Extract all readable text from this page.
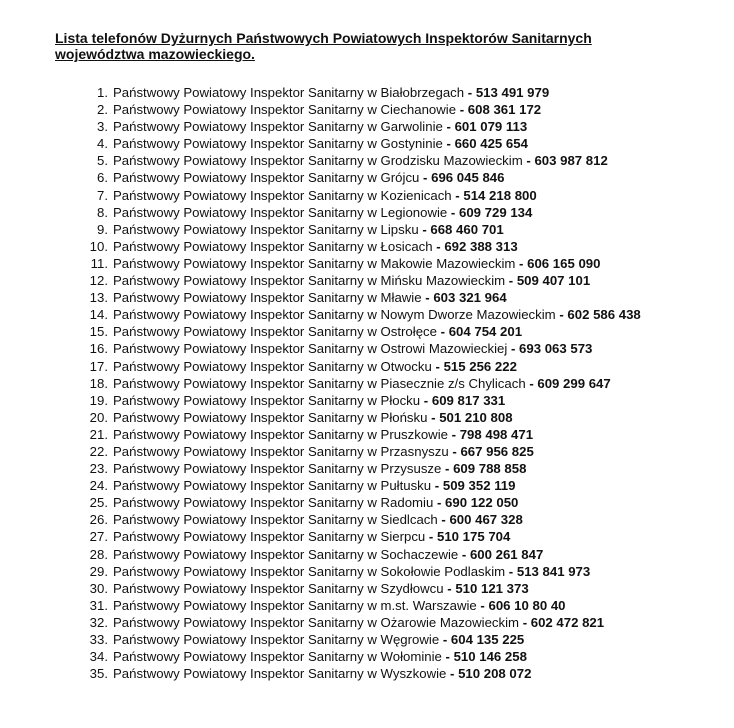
Lista telefonów Dyżurnych Państwowych Powiatowych Inspektorów Sanitarnych
województwa mazowieckiego.
1. Państwowy Powiatowy Inspektor Sanitarny w Białobrzegach - 513 491 979
2. Państwowy Powiatowy Inspektor Sanitarny w Ciechanowie - 608 361 172
3. Państwowy Powiatowy Inspektor Sanitarny w Garwolinie - 601 079 113
4. Państwowy Powiatowy Inspektor Sanitarny w Gostyninie - 660 425 654
5. Państwowy Powiatowy Inspektor Sanitarny w Grodzisku Mazowieckim - 603 987 812
6. Państwowy Powiatowy Inspektor Sanitarny w Grójcu - 696 045 846
7. Państwowy Powiatowy Inspektor Sanitarny w Kozienicach - 514 218 800
8. Państwowy Powiatowy Inspektor Sanitarny w Legionowie - 609 729 134
9. Państwowy Powiatowy Inspektor Sanitarny w Lipsku - 668 460 701
10. Państwowy Powiatowy Inspektor Sanitarny w Łosicach - 692 388 313
11. Państwowy Powiatowy Inspektor Sanitarny w Makowie Mazowieckim - 606 165 090
12. Państwowy Powiatowy Inspektor Sanitarny w Mińsku Mazowieckim - 509 407 101
13. Państwowy Powiatowy Inspektor Sanitarny w Mławie - 603 321 964
14. Państwowy Powiatowy Inspektor Sanitarny w Nowym Dworze Mazowieckim - 602 586 438
15. Państwowy Powiatowy Inspektor Sanitarny w Ostrołęce - 604 754 201
16. Państwowy Powiatowy Inspektor Sanitarny w Ostrowi Mazowieckiej - 693 063 573
17. Państwowy Powiatowy Inspektor Sanitarny w Otwocku - 515 256 222
18. Państwowy Powiatowy Inspektor Sanitarny w Piasecznie z/s Chylicach - 609 299 647
19. Państwowy Powiatowy Inspektor Sanitarny w Płocku - 609 817 331
20. Państwowy Powiatowy Inspektor Sanitarny w Płońsku - 501 210 808
21. Państwowy Powiatowy Inspektor Sanitarny w Pruszkowie - 798 498 471
22. Państwowy Powiatowy Inspektor Sanitarny w Przasnyszu - 667 956 825
23. Państwowy Powiatowy Inspektor Sanitarny w Przysusze - 609 788 858
24. Państwowy Powiatowy Inspektor Sanitarny w Pułtusku - 509 352 119
25. Państwowy Powiatowy Inspektor Sanitarny w Radomiu - 690 122 050
26. Państwowy Powiatowy Inspektor Sanitarny w Siedlcach - 600 467 328
27. Państwowy Powiatowy Inspektor Sanitarny w Sierpcu - 510 175 704
28. Państwowy Powiatowy Inspektor Sanitarny w Sochaczewie - 600 261 847
29. Państwowy Powiatowy Inspektor Sanitarny w Sokołowie Podlaskim - 513 841 973
30. Państwowy Powiatowy Inspektor Sanitarny w Szydłowcu - 510 121 373
31. Państwowy Powiatowy Inspektor Sanitarny w m.st. Warszawie - 606 10 80 40
32. Państwowy Powiatowy Inspektor Sanitarny w Ożarowie Mazowieckim - 602 472 821
33. Państwowy Powiatowy Inspektor Sanitarny w Węgrowie - 604 135 225
34. Państwowy Powiatowy Inspektor Sanitarny w Wołominie - 510 146 258
35. Państwowy Powiatowy Inspektor Sanitarny w Wyszkowie - 510 208 072
